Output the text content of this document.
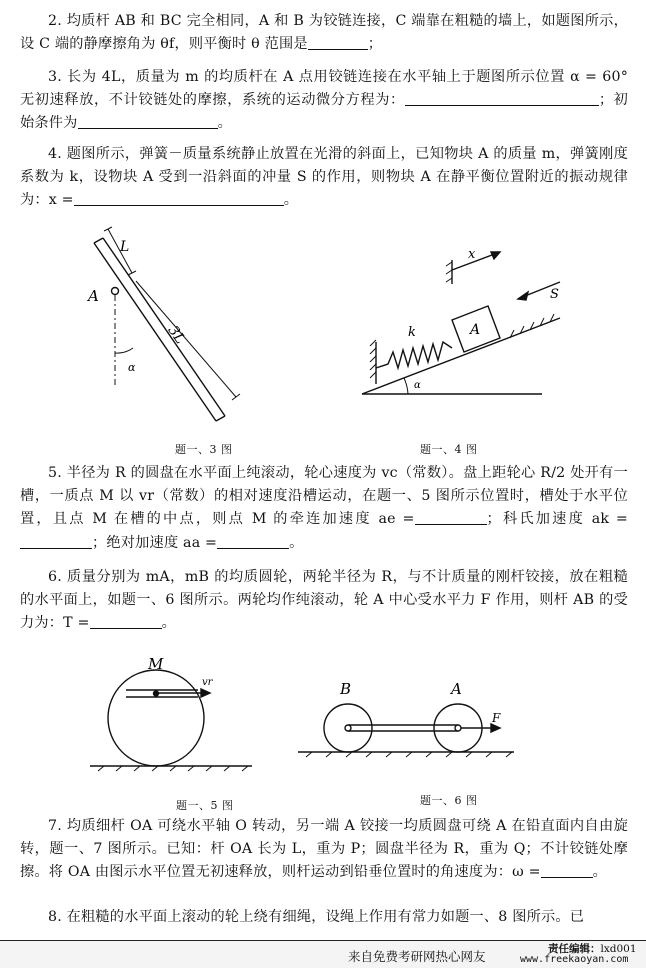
2. 均质杆 AB 和 BC 完全相同，A 和 B 为铰链连接，C 端靠在粗糙的墙上，如题图所示，设 C 端的静摩擦角为 θf，则平衡时 θ 范围是	；
3. 长为 4L，质量为 m 的均质杆在 A 点用铰链连接在水平轴上于题图所示位置 α = 60° 无初速释放，不计铰链处的摩擦，系统的运动微分方程为：	；初始条件为	。
4. 题图所示，弹簧－质量系统静止放置在光滑的斜面上，已知物块 A 的质量 m，弹簧刚度系数为 k，设物块 A 受到一沿斜面的冲量 S 的作用，则物块 A 在静平衡位置附近的振动规律为：x =	。
L
A
3L
α
题一、3 图
x
S
k	A
α
题一、4 图
5. 半径为 R 的圆盘在水平面上纯滚动，轮心速度为 vc（常数）。盘上距轮心 R/2 处开有一槽，一质点 M 以 vr（常数）的相对速度沿槽运动，在题一、5 图所示位置时，槽处于水平位置，且点 M 在槽的中点，则点 M 的牵连加速度 ae =	；科氏加速度 ak =；绝对加速度 aa =	。
6. 质量分别为 mA，mB 的均质圆轮，两轮半径为 R，与不计质量的刚杆铰接，放在粗糙的水平面上，如题一、6 图所示。两轮均作纯滚动，轮 A 中心受水平力 F 作用，则杆 AB 的受力为：T =	。
M
vr
题一、5 图
B	A
F
题一、6 图
7. 均质细杆 OA 可绕水平轴 O 转动，另一端 A 铰接一均质圆盘可绕 A 在铅直面内自由旋转，题一、7 图所示。已知：杆 OA 长为 L，重为 P；圆盘半径为 R，重为 Q；不计铰链处摩擦。将 OA 由图示水平位置无初速释放，则杆运动到铅垂位置时的角速度为：ω =	。
8. 在粗糙的水平面上滚动的轮上绕有细绳，设绳上作用有常力如题一、8 图所示。已
来自免费考研网热心网友	责任编辑：lxd001
www.freekaoyan.com
